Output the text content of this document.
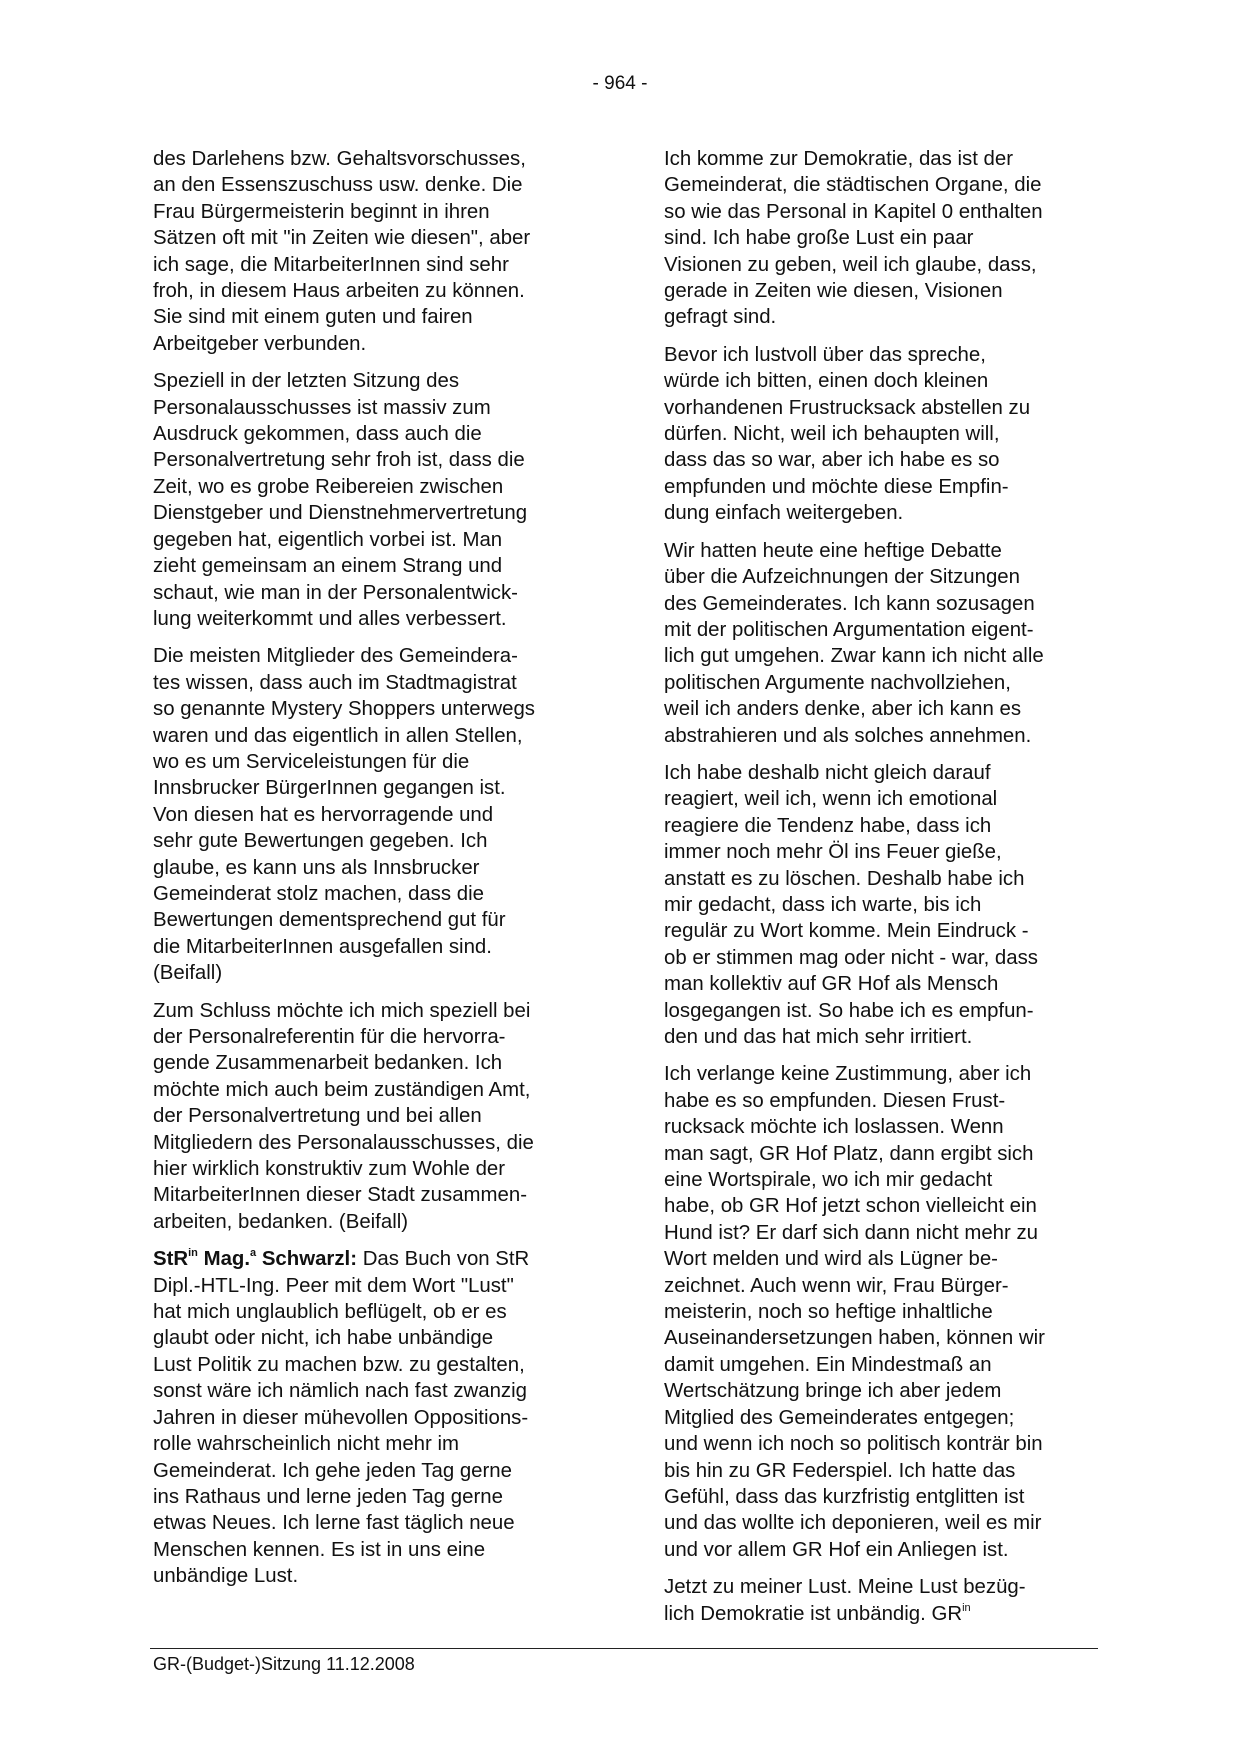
- 964 -

des Darlehens bzw. Gehaltsvorschusses,
an den Essenszuschuss usw. denke. Die
Frau Bürgermeisterin beginnt in ihren
Sätzen oft mit "in Zeiten wie diesen", aber
ich sage, die MitarbeiterInnen sind sehr
froh, in diesem Haus arbeiten zu können.
Sie sind mit einem guten und fairen
Arbeitgeber verbunden.

Speziell in der letzten Sitzung des
Personalausschusses ist massiv zum
Ausdruck gekommen, dass auch die
Personalvertretung sehr froh ist, dass die
Zeit, wo es grobe Reibereien zwischen
Dienstgeber und Dienstnehmervertretung
gegeben hat, eigentlich vorbei ist. Man
zieht gemeinsam an einem Strang und
schaut, wie man in der Personalentwick-
lung weiterkommt und alles verbessert.

Die meisten Mitglieder des Gemeindera-
tes wissen, dass auch im Stadtmagistrat
so genannte Mystery Shoppers unterwegs
waren und das eigentlich in allen Stellen,
wo es um Serviceleistungen für die
Innsbrucker BürgerInnen gegangen ist.
Von diesen hat es hervorragende und
sehr gute Bewertungen gegeben. Ich
glaube, es kann uns als Innsbrucker
Gemeinderat stolz machen, dass die
Bewertungen dementsprechend gut für
die MitarbeiterInnen ausgefallen sind.
(Beifall)

Zum Schluss möchte ich mich speziell bei
der Personalreferentin für die hervorra-
gende Zusammenarbeit bedanken. Ich
möchte mich auch beim zuständigen Amt,
der Personalvertretung und bei allen
Mitgliedern des Personalausschusses, die
hier wirklich konstruktiv zum Wohle der
MitarbeiterInnen dieser Stadt zusammen-
arbeiten, bedanken. (Beifall)

StR$^{in}$ Mag.$^a$ Schwarzl: Das Buch von StR
Dipl.-HTL-Ing. Peer mit dem Wort "Lust"
hat mich unglaublich beflügelt, ob er es
glaubt oder nicht, ich habe unbändige
Lust Politik zu machen bzw. zu gestalten,
sonst wäre ich nämlich nach fast zwanzig
Jahren in dieser mühevollen Oppositions-
rolle wahrscheinlich nicht mehr im
Gemeinderat. Ich gehe jeden Tag gerne
ins Rathaus und lerne jeden Tag gerne
etwas Neues. Ich lerne fast täglich neue
Menschen kennen. Es ist in uns eine
unbändige Lust.

Ich komme zur Demokratie, das ist der
Gemeinderat, die städtischen Organe, die
so wie das Personal in Kapitel 0 enthalten
sind. Ich habe große Lust ein paar
Visionen zu geben, weil ich glaube, dass,
gerade in Zeiten wie diesen, Visionen
gefragt sind.

Bevor ich lustvoll über das spreche,
würde ich bitten, einen doch kleinen
vorhandenen Frustrucksack abstellen zu
dürfen. Nicht, weil ich behaupten will,
dass das so war, aber ich habe es so
empfunden und möchte diese Empfin-
dung einfach weitergeben.

Wir hatten heute eine heftige Debatte
über die Aufzeichnungen der Sitzungen
des Gemeinderates. Ich kann sozusagen
mit der politischen Argumentation eigent-
lich gut umgehen. Zwar kann ich nicht alle
politischen Argumente nachvollziehen,
weil ich anders denke, aber ich kann es
abstrahieren und als solches annehmen.

Ich habe deshalb nicht gleich darauf
reagiert, weil ich, wenn ich emotional
reagiere die Tendenz habe, dass ich
immer noch mehr Öl ins Feuer gieße,
anstatt es zu löschen. Deshalb habe ich
mir gedacht, dass ich warte, bis ich
regulär zu Wort komme. Mein Eindruck -
ob er stimmen mag oder nicht - war, dass
man kollektiv auf GR Hof als Mensch
losgegangen ist. So habe ich es empfun-
den und das hat mich sehr irritiert.

Ich verlange keine Zustimmung, aber ich
habe es so empfunden. Diesen Frust-
rucksack möchte ich loslassen. Wenn
man sagt, GR Hof Platz, dann ergibt sich
eine Wortspirale, wo ich mir gedacht
habe, ob GR Hof jetzt schon vielleicht ein
Hund ist? Er darf sich dann nicht mehr zu
Wort melden und wird als Lügner be-
zeichnet. Auch wenn wir, Frau Bürger-
meisterin, noch so heftige inhaltliche
Auseinandersetzungen haben, können wir
damit umgehen. Ein Mindestmaß an
Wertschätzung bringe ich aber jedem
Mitglied des Gemeinderates entgegen;
und wenn ich noch so politisch konträr bin
bis hin zu GR Federspiel. Ich hatte das
Gefühl, dass das kurzfristig entglitten ist
und das wollte ich deponieren, weil es mir
und vor allem GR Hof ein Anliegen ist.

Jetzt zu meiner Lust. Meine Lust bezüg-
lich Demokratie ist unbändig. $GR^{in}$

GR-(Budget-)Sitzung 11.12.2008
